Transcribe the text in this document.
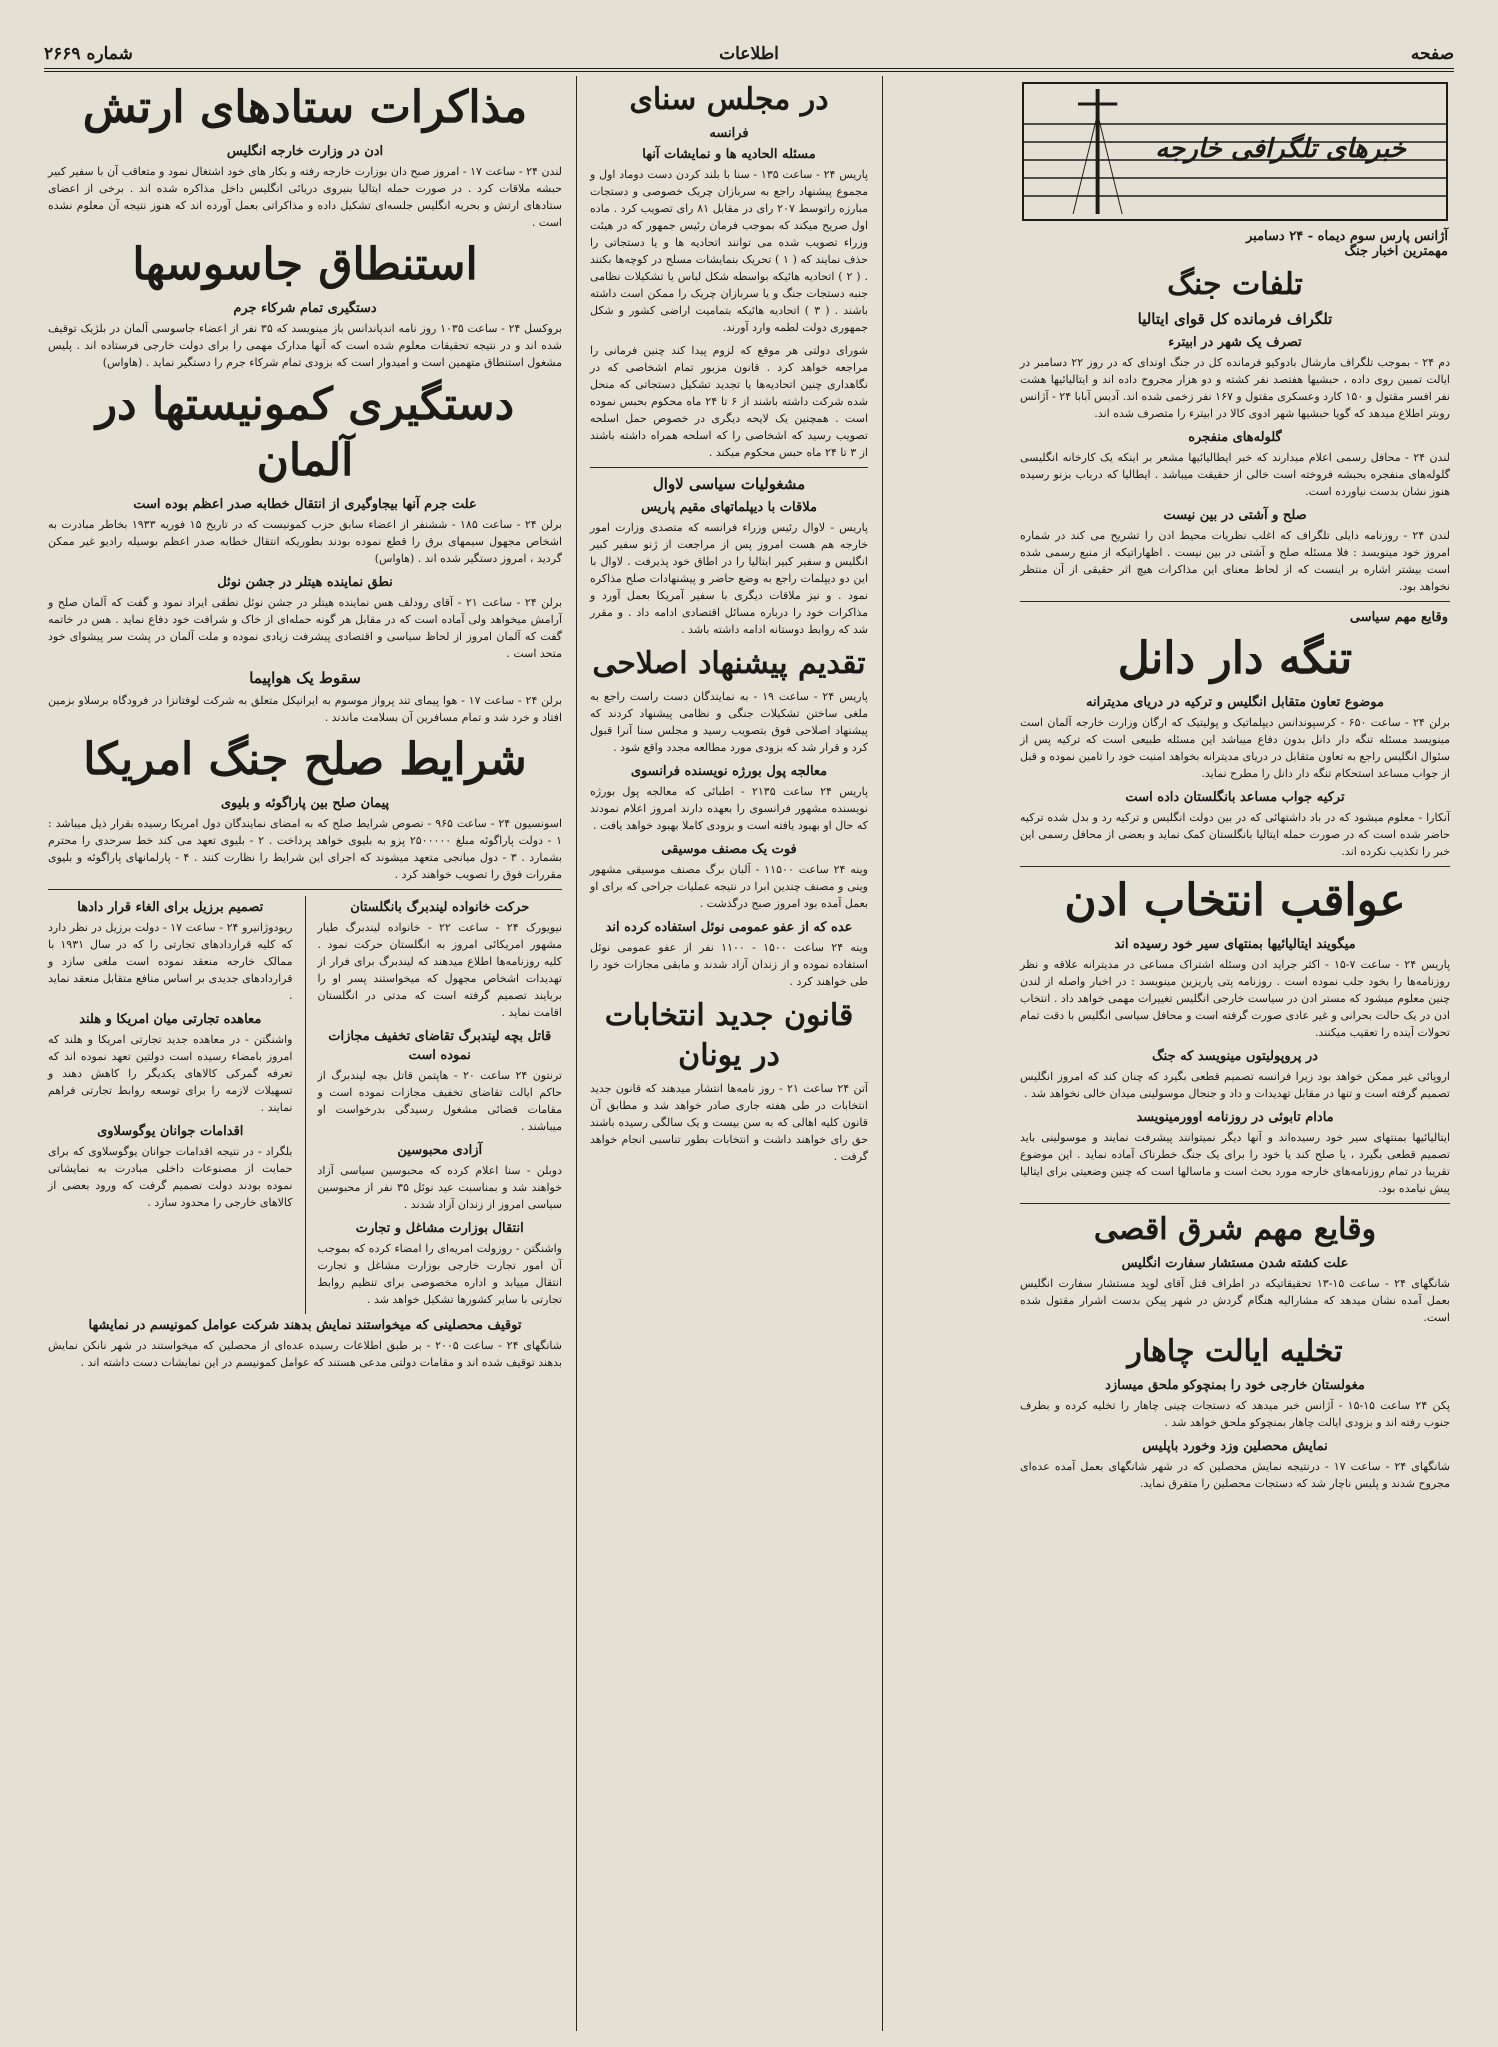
صفحه
اطلاعات
شماره ۲۶۶۹
خبرهای تلگرافی خارجه
آژانس پارس سوم دیماه - ۲۴ دسامبر
مهمترین اخبار جنگ
تلفات جنگ
تلگراف فرمانده کل قوای ایتالیا
تصرف یک شهر در ابیترء

دم ۲۴ - بموجب تلگراف مارشال بادوکیو فرمانده کل در جنگ اوندای که در روز ۲۲ دسامبر در ایالت تمبین روی داده ، حبشیها هفتصد نفر کشته و دو هزار مجروح داده اند و ایتالیائیها هشت نفر افسر مقتول و ۱۵۰ کارد وعسکری مقتول و ۱۶۷ نفر زخمی شده اند. آدیس آبابا ۲۴ - آژانس روبتر اطلاع میدهد که گویا حبشیها شهر ادوی کالا در ابیترء را متصرف شده اند.

گلوله‌های منفجره

لندن ۲۴ - محافل رسمی اعلام میدارند که خبر ایطالیائیها مشعر بر اینکه یک کارخانه انگلیسی گلوله‌های منفجره بحبشه فروخته است خالی از حقیقت میباشد . ایطالیا که درباب بزنو رسیده هنوز نشان بدست نیاورده است.

صلح و آشتی در بین نیست

لندن ۲۴ - روزنامه دایلی تلگراف که اغلب نظریات محیط ادن را تشریح می کند در شماره امروز خود مینویسد : فلا مسئله صلح و آشتی در بین نیست . اظهاراتیکه از منبع رسمی شده است بیشتر اشاره بر اینست که از لحاظ معنای این مذاکرات هیچ اثر حقیقی از آن منتظر نخواهد بود.

وقایع مهم سیاسی
تنگه دار دانل
موضوع تعاون متقابل انگلیس و ترکیه در دریای مدیترانه

برلن ۲۴ - ساعت ۶۵۰ - کرسپوندانس دیپلماتیک و پولیتیک که ارگان وزارت خارجه آلمان است مینویسد مسئله تنگه دار دانل بدون دفاع میباشد این مسئله طبیعی است که ترکیه پس از سئوال انگلیس راجع به تعاون متقابل در دریای مدیترانه بخواهد امنیت خود را تامین نموده و قبل از جواب مساعد استحکام تنگه دار دانل را مطرح نماید.

ترکیه جواب مساعد بانگلستان داده است

آنکارا - معلوم میشود که در باد داشتهائی که در بین دولت انگلیس و ترکیه رد و بدل شده ترکیه حاضر شده است که در صورت حمله ایتالیا بانگلستان کمک نماید و بعضی از محافل رسمی این خبر را تکذیب نکرده اند.

عواقب انتخاب ادن
میگویند ایتالیائیها بمنتهای سیر خود رسیده اند

پاریس ۲۴ - ساعت ۷-۱۵ - اکثر جراید ادن وسئله اشتراک مساعی در مدیترانه علاقه و نظر روزنامه‌ها را بخود جلب نموده است . روزنامه پتی پاریزین مینویسد : در اخبار واصله از لندن چنین معلوم میشود که مستر ادن در سیاست خارجی انگلیس تغییرات مهمی خواهد داد . انتخاب ادن در یک حالت بحرانی و غیر عادی صورت گرفته است و محافل سیاسی انگلیس با دقت تمام تحولات آینده را تعقیب میکنند.

در پروپولیتوں مینویسد که جنگ

اروپائی غیر ممکن خواهد بود زیرا فرانسه تصمیم قطعی بگیرد که چنان کند که امروز انگلیس تصمیم گرفته است و تنها در مقابل تهدیدات و داد و جنجال موسولینی میدان خالی نخواهد شد .

مادام تابوئی در روزنامه اوورمینویسد

ایتالیائیها بمنتهای سیر خود رسیده‌اند و آنها دیگر نمیتوانند پیشرفت نمایند و موسولینی باید تصمیم قطعی بگیرد ، یا صلح کند یا خود را برای یک جنگ خطرناک آماده نماید . این موضوع تقریبا در تمام روزنامه‌های خارجه مورد بحث است و ماسالها است که چنین وضعیتی برای ایتالیا پیش نیامده بود.

وقایع مهم شرق اقصی
علت کشته شدن مستشار سفارت انگلیس

شانگهای ۲۴ - ساعت ۱۵-۱۳ تحقیقاتیکه در اطراف قتل آقای لوید مستشار سفارت انگلیس بعمل آمده نشان میدهد که مشارالیه هنگام گردش در شهر پیکن بدست اشرار مقتول شده است.

تخلیه ایالت چاهار
مغولستان خارجی خود را بمنچوکو ملحق میسازد

پکن ۲۴ ساعت ۱۵-۱۵ - آژانس خبر میدهد که دستجات چینی چاهار را تخلیه کرده و بطرف جنوب رفته اند و بزودی ایالت چاهار بمنچوکو ملحق خواهد شد .

نمایش محصلین وزد وخورد باپلیس

شانگهای ۲۴ - ساعت ۱۷ - درنتیجه نمایش محصلین که در شهر شانگهای بعمل آمده عده‌ای مجروح شدند و پلیس ناچار شد که دستجات محصلین را متفرق نماید.

در مجلس سنای
فرانسه
مسئله الحادیه ها و نمایشات آنها

پاریس ۲۴ - ساعت ۱۳۵ - سنا با بلند کردن دست دوماد اول و مجموع پیشنهاد راجع به سربازان چریک خصوصی و دستجات مبارزه راتوسط ۲۰۷ رای در مقابل ۸۱ رای تصویب کرد . ماده اول صریح میکند که بموجب فرمان رئیس جمهور که در هیئت وزراء تصویب شده می توانند اتحادیه ها و یا دستجاتی را حذف نمایند که ( ۱ ) تحریک بنمایشات مسلح در کوچه‌ها بکنند . ( ۲ ) اتحادیه هائیکه بواسطه شکل لباس یا تشکیلات نظامی جنبه دستجات جنگ و یا سربازان چریک را ممکن است داشته باشند . ( ۳ ) اتحادیه هائیکه بتمامیت اراضی کشور و شکل جمهوری دولت لطمه وارد آورند.

شورای دولتی هر موقع که لزوم پیدا کند چنین فرمانی را مراجعه خواهد کرد . قانون مزبور تمام اشخاصی که در نگاهداری چنین اتحادیه‌ها یا تجدید تشکیل دستجاتی که منحل شده شرکت داشته باشند از ۶ تا ۲۴ ماه محکوم بحبس نموده است . همچنین یک لایحه دیگری در خصوص حمل اسلحه تصویب رسید که اشخاصی را که اسلحه همراه داشته باشند از ۳ تا ۲۴ ماه حبس محکوم میکند .

مشغولیات سیاسی لاوال
ملاقات با دیپلماتهای مقیم پاریس

پاریس - لاوال رئیس وزراء فرانسه که متصدی وزارت امور خارجه هم هست امروز پس از مراجعت از ژنو سفیر کبیر انگلیس و سفیر کبیر ایتالیا را در اطاق خود پذیرفت . لاوال با این دو دیپلمات راجع به وضع حاضر و پیشنهادات صلح مذاکره نمود . و نیز ملاقات دیگری با سفیر آمریکا بعمل آورد و مذاکرات خود را درباره مسائل اقتصادی ادامه داد . و مقرر شد که روابط دوستانه ادامه داشته باشد .

تقدیم پیشنهاد اصلاحی

پاریس ۲۴ - ساعت ۱۹ - به نمایندگان دست راست راجع به ملغی ساختن تشکیلات جنگی و نظامی پیشنهاد کردند که پیشنهاد اصلاحی فوق بتصویب رسید و مجلس سنا آنرا قبول کرد و قرار شد که بزودی مورد مطالعه مجدد واقع شود .

معالجه پول بورژه نویسنده فرانسوی

پاریس ۲۴ ساعت ۲۱۳۵ - اطبائی که معالجه پول بورژه نویسنده مشهور فرانسوی را بعهده دارند امروز اعلام نمودند که حال او بهبود یافته است و بزودی کاملا بهبود خواهد یافت .

فوت یک مصنف موسیقی

وینه ۲۴ ساعت ۱۱۵۰۰ - آلبان برگ مصنف موسیقی مشهور وینی و مصنف چندین ابرا در نتیجه عملیات جراحی که برای او بعمل آمده بود امروز صبح درگذشت .

عده که از عفو عمومی نوئل استفاده کرده اند

وینه ۲۴ ساعت ۱۵۰۰ - ۱۱۰۰ نفر از عفو عمومی نوئل استفاده نموده و از زندان آزاد شدند و مابقی مجازات خود را طی خواهند کرد .

قانون جدید انتخابات در یونان

آتن ۲۴ ساعت ۲۱ - روز نامه‌ها انتشار میدهند که قانون جدید انتخابات در طی هفته جاری صادر خواهد شد و مطابق آن قانون کلیه اهالی که به سن بیست و یک سالگی رسیده باشند حق رای خواهند داشت و انتخابات بطور تناسبی انجام خواهد گرفت .

مذاکرات ستادهای ارتش
ادن در وزارت خارجه انگلیس

لندن ۲۴ - ساعت ۱۷ - امروز صبح دان بوزارت خارجه رفته و بکار های خود اشتغال نمود و متعاقب آن با سفیر کبیر حبشه ملاقات کرد . در صورت حمله ایتالیا بنیروی دریائی انگلیس داخل مذاکره شده اند . برخی از اعضای ستادهای ارتش و بحریه انگلیس جلسه‌ای تشکیل داده و مذاکراتی بعمل آورده اند که هنوز نتیجه آن معلوم نشده است .

استنطاق جاسوسها
دستگیری تمام شرکاء جرم

بروکسل ۲۴ - ساعت ۱۰۳۵ روز نامه اندپاندانس باز مینویسد که ۳۵ نفر از اعضاء جاسوسی آلمان در بلژیک توقیف شده اند و در نتیجه تحقیقات معلوم شده است که آنها مدارک مهمی را برای دولت خارجی فرستاده اند . پلیس مشغول استنطاق متهمین است و امیدوار است که بزودی تمام شرکاء جرم را دستگیر نماید . (هاواس)

دستگیری کمونیستها در آلمان
علت جرم آنها بیجاوگیری از انتقال خطابه صدر اعظم بوده است

برلن ۲۴ - ساعت ۱۸۵ - ششنفر از اعضاء سابق حزب کمونیست که در تاریخ ۱۵ فوریه ۱۹۳۳ بخاطر مبادرت به اشخاص مجهول سیمهای برق را قطع نموده بودند بطوریکه انتقال خطابه صدر اعظم بوسیله رادیو غیر ممکن گردید ، امروز دستگیر شده اند . (هاواس)

نطق نماینده هیتلر در جشن نوئل

برلن ۲۴ - ساعت ۲۱ - آقای رودلف هس نماینده هیتلر در جشن نوئل نطقی ایراد نمود و گفت که آلمان صلح و آرامش میخواهد ولی آماده است که در مقابل هر گونه حمله‌ای از خاک و شرافت خود دفاع نماید . هس در خاتمه گفت که آلمان امروز از لحاظ سیاسی و اقتصادی پیشرفت زیادی نموده و ملت آلمان در پشت سر پیشوای خود متحد است .

سقوط یک هواپیما

برلن ۲۴ - ساعت ۱۷ - هوا پیمای تند پرواز موسوم به ایرانیکل متعلق به شرکت لوفتانزا در فرودگاه برسلاو بزمین افتاد و خرد شد و تمام مسافرین آن بسلامت ماندند .

شرایط صلح جنگ امریکا
پیمان صلح بین پاراگوئه و بلیوی

اسونسیون ۲۴ - ساعت ۹۶۵ - نصوص شرایط صلح که به امضای نمایندگان دول امریکا رسیده بقرار ذیل میباشد : ۱ - دولت پاراگوئه مبلغ ۲۵۰۰۰۰۰ پزو به بلیوی خواهد پرداخت . ۲ - بلیوی تعهد می کند خط سرحدی را محترم بشمارد . ۳ - دول میانجی متعهد میشوند که اجرای این شرایط را نظارت کنند . ۴ - پارلمانهای پاراگوئه و بلیوی مقررات فوق را تصویب خواهند کرد .

حرکت خانواده لیندبرگ بانگلستان

نیویورک ۲۴ - ساعت ۲۲ - خانواده لیندبرگ طیار مشهور امریکائی امروز به انگلستان حرکت نمود . کلیه روزنامه‌ها اطلاع میدهند که لیندبرگ برای فرار از تهدیدات اشخاص مجهول که میخواستند پسر او را بربایند تصمیم گرفته است که مدتی در انگلستان اقامت نماید .

قاتل بچه لیندبرگ تقاضای تخفیف مجازات نموده است

ترنتون ۲۴ ساعت ۲۰ - هاپتمن قاتل بچه لیندبرگ از حاکم ایالت تقاضای تخفیف مجازات نموده است و مقامات قضائی مشغول رسیدگی بدرخواست او میباشند .

آزادی محبوسین

دوبلن - سنا اعلام کرده که محبوسین سیاسی آزاد خواهند شد و بمناسبت عید نوئل ۳۵ نفر از محبوسین سیاسی امروز از زندان آزاد شدند .

انتقال بوزارت مشاغل و تجارت

واشنگتن - روزولت امریه‌ای را امضاء کرده که بموجب آن امور تجارت خارجی بوزارت مشاغل و تجارت انتقال مییابد و اداره مخصوصی برای تنظیم روابط تجارتی با سایر کشورها تشکیل خواهد شد .

تصمیم برزیل برای الغاء قرار دادها

ریودوژانیرو ۲۴ - ساعت ۱۷ - دولت برزیل در نظر دارد که کلیه قراردادهای تجارتی را که در سال ۱۹۳۱ با ممالک خارجه منعقد نموده است ملغی سازد و قراردادهای جدیدی بر اساس منافع متقابل منعقد نماید .

معاهده تجارتی میان امریکا و هلند

واشنگتن - در معاهده جدید تجارتی امریکا و هلند که امروز بامضاء رسیده است دولتین تعهد نموده اند که تعرفه گمرکی کالاهای یکدیگر را کاهش دهند و تسهیلات لازمه را برای توسعه روابط تجارتی فراهم نمایند .

اقدامات جوانان یوگوسلاوی

بلگراد - در نتیجه اقدامات جوانان یوگوسلاوی که برای حمایت از مصنوعات داخلی مبادرت به نمایشاتی نموده بودند دولت تصمیم گرفت که ورود بعضی از کالاهای خارجی را محدود سازد .

توقیف محصلینی که میخواستند نمایش بدهند شرکت عوامل کمونیسم در نمایشها

شانگهای ۲۴ - ساعت ۲۰۰۵ - بر طبق اطلاعات رسیده عده‌ای از محصلین که میخواستند در شهر نانکن نمایش بدهند توقیف شده اند و مقامات دولتی مدعی هستند که عوامل کمونیسم در این نمایشات دست داشته اند .
